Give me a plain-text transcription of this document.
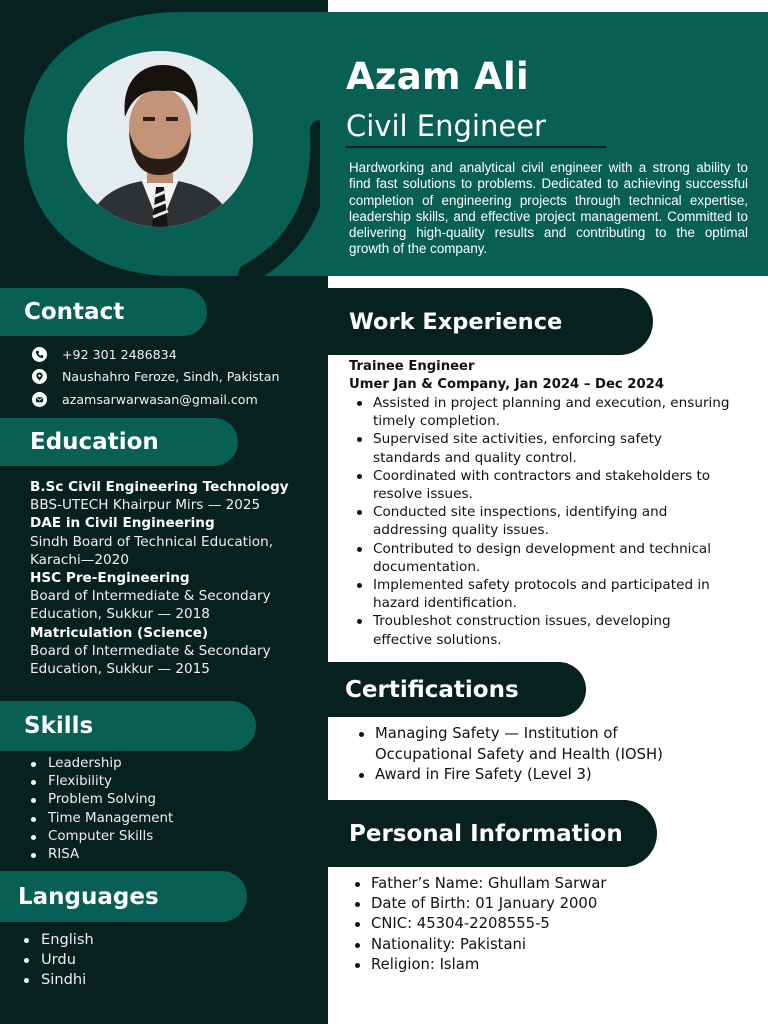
Azam Ali
Civil Engineer
Hardworking and analytical civil engineer with a strong ability to find fast solutions to problems. Dedicated to achieving successful completion of engineering projects through technical expertise, leadership skills, and effective project management. Committed to delivering high-quality results and contributing to the optimal growth of the company.
Contact
+92 301 2486834
Naushahro Feroze, Sindh, Pakistan
azamsarwarwasan@gmail.com
Education
B.Sc Civil Engineering Technology
BBS-UTECH Khairpur Mirs — 2025
DAE in Civil Engineering
Sindh Board of Technical Education, Karachi—2020
HSC Pre-Engineering
Board of Intermediate & Secondary Education, Sukkur — 2018
Matriculation (Science)
Board of Intermediate & Secondary Education, Sukkur — 2015
Skills
Leadership
Flexibility
Problem Solving
Time Management
Computer Skills
RISA
Languages
English
Urdu
Sindhi
Work Experience
Trainee Engineer
Umer Jan & Company, Jan 2024 – Dec 2024
Assisted in project planning and execution, ensuring timely completion.
Supervised site activities, enforcing safety standards and quality control.
Coordinated with contractors and stakeholders to resolve issues.
Conducted site inspections, identifying and addressing quality issues.
Contributed to design development and technical documentation.
Implemented safety protocols and participated in hazard identification.
Troubleshot construction issues, developing effective solutions.
Certifications
Managing Safety — Institution of Occupational Safety and Health (IOSH)
Award in Fire Safety (Level 3)
Personal Information
Father’s Name: Ghullam Sarwar
Date of Birth: 01 January 2000
CNIC: 45304-2208555-5
Nationality: Pakistani
Religion: Islam
